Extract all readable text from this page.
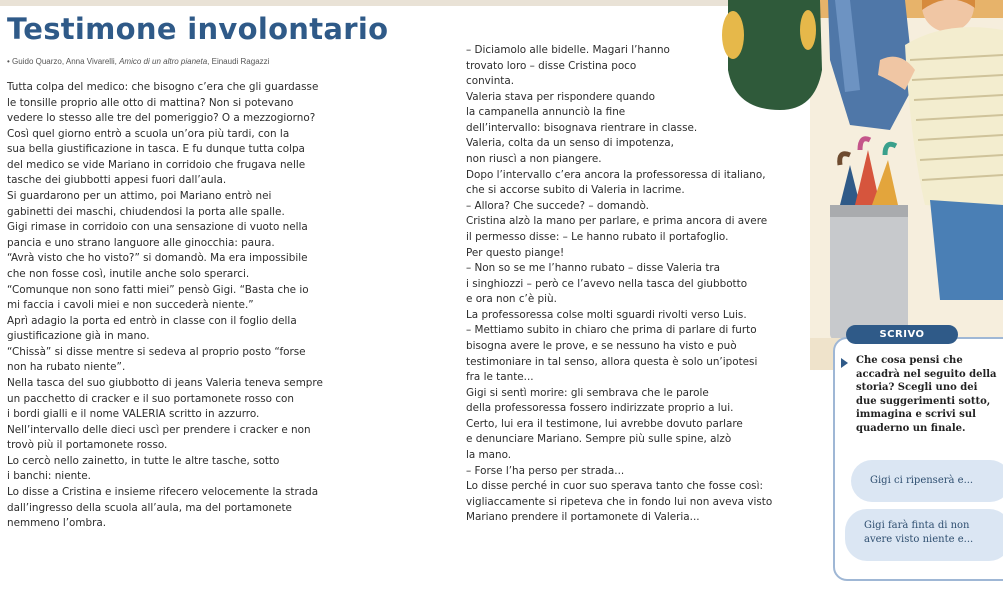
Testimone involontario
• Guido Quarzo, Anna Vivarelli, Amico di un altro pianeta, Einaudi Ragazzi
Tutta colpa del medico: che bisogno c’era che gli guardasse
le tonsille proprio alle otto di mattina? Non si potevano
vedere lo stesso alle tre del pomeriggio? O a mezzogiorno?
Così quel giorno entrò a scuola un’ora più tardi, con la
sua bella giustificazione in tasca. E fu dunque tutta colpa
del medico se vide Mariano in corridoio che frugava nelle
tasche dei giubbotti appesi fuori dall’aula.
Si guardarono per un attimo, poi Mariano entrò nei
gabinetti dei maschi, chiudendosi la porta alle spalle.
Gigi rimase in corridoio con una sensazione di vuoto nella
pancia e uno strano languore alle ginocchia: paura.
“Avrà visto che ho visto?” si domandò. Ma era impossibile
che non fosse così, inutile anche solo sperarci.
“Comunque non sono fatti miei” pensò Gigi. “Basta che io
mi faccia i cavoli miei e non succederà niente.”
Aprì adagio la porta ed entrò in classe con il foglio della
giustificazione già in mano.
“Chissà” si disse mentre si sedeva al proprio posto “forse
non ha rubato niente”.
Nella tasca del suo giubbotto di jeans Valeria teneva sempre
un pacchetto di cracker e il suo portamonete rosso con
i bordi gialli e il nome VALERIA scritto in azzurro.
Nell’intervallo delle dieci uscì per prendere i cracker e non
trovò più il portamonete rosso.
Lo cercò nello zainetto, in tutte le altre tasche, sotto
i banchi: niente.
Lo disse a Cristina e insieme rifecero velocemente la strada
dall’ingresso della scuola all’aula, ma del portamonete
nemmeno l’ombra.
– Diciamolo alle bidelle. Magari l’hanno
trovato loro – disse Cristina poco
convinta.
Valeria stava per rispondere quando
la campanella annunciò la fine
dell’intervallo: bisognava rientrare in classe.
Valeria, colta da un senso di impotenza,
non riuscì a non piangere.
Dopo l’intervallo c’era ancora la professoressa di italiano,
che si accorse subito di Valeria in lacrime.
– Allora? Che succede? – domandò.
Cristina alzò la mano per parlare, e prima ancora di avere
il permesso disse: – Le hanno rubato il portafoglio.
Per questo piange!
– Non so se me l’hanno rubato – disse Valeria tra
i singhiozzi – però ce l’avevo nella tasca del giubbotto
e ora non c’è più.
La professoressa colse molti sguardi rivolti verso Luis.
– Mettiamo subito in chiaro che prima di parlare di furto
bisogna avere le prove, e se nessuno ha visto e può
testimoniare in tal senso, allora questa è solo un’ipotesi
fra le tante...
Gigi si sentì morire: gli sembrava che le parole
della professoressa fossero indirizzate proprio a lui.
Certo, lui era il testimone, lui avrebbe dovuto parlare
e denunciare Mariano. Sempre più sulle spine, alzò
la mano.
– Forse l’ha perso per strada...
Lo disse perché in cuor suo sperava tanto che fosse così:
vigliaccamente si ripeteva che in fondo lui non aveva visto
Mariano prendere il portamonete di Valeria...
SCRIVO
Che cosa pensi che
accadrà nel seguito della
storia? Scegli uno dei
due suggerimenti sotto,
immagina e scrivi sul
quaderno un finale.
Gigi ci ripenserà e...
Gigi farà finta di non
avere visto niente e...
